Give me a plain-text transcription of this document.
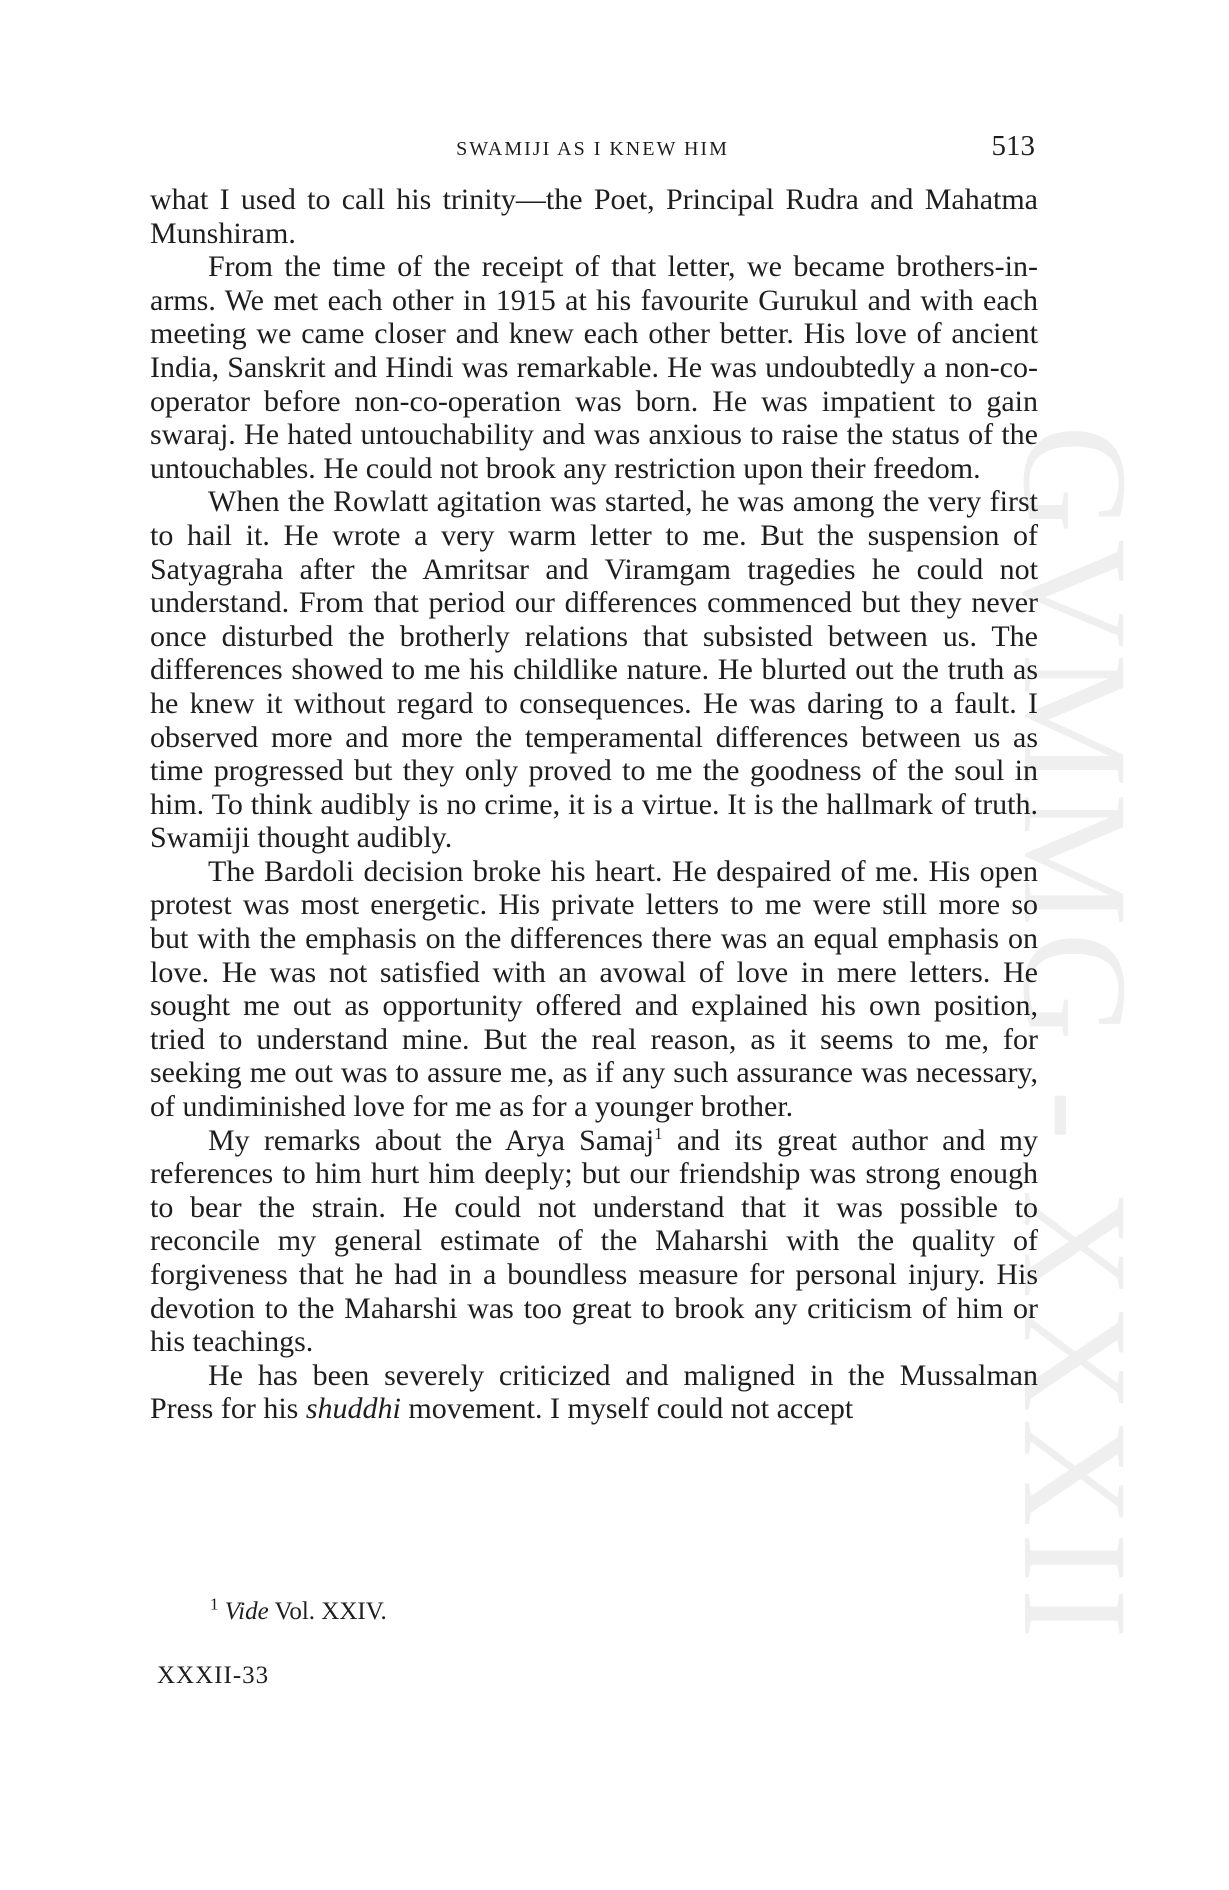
GVMMG - XXXII
SWAMIJI AS I KNEW HIM	513

what I used to call his trinity—the Poet, Principal Rudra and Mahatma Munshiram.

From the time of the receipt of that letter, we became brothers-in-arms. We met each other in 1915 at his favourite Gurukul and with each meeting we came closer and knew each other better. His love of ancient India, Sanskrit and Hindi was remarkable. He was undoubtedly a non-co-operator before non-co-operation was born. He was impatient to gain swaraj. He hated untouchability and was anxious to raise the status of the untouchables. He could not brook any restriction upon their freedom.

When the Rowlatt agitation was started, he was among the very first to hail it. He wrote a very warm letter to me. But the suspension of Satyagraha after the Amritsar and Viramgam tragedies he could not understand. From that period our differences commenced but they never once disturbed the brotherly relations that subsisted between us. The differences showed to me his childlike nature. He blurted out the truth as he knew it without regard to consequences. He was daring to a fault. I observed more and more the temperamental differences between us as time progressed but they only proved to me the goodness of the soul in him. To think audibly is no crime, it is a virtue. It is the hallmark of truth. Swamiji thought audibly.

The Bardoli decision broke his heart. He despaired of me. His open protest was most energetic. His private letters to me were still more so but with the emphasis on the differences there was an equal emphasis on love. He was not satisfied with an avowal of love in mere letters. He sought me out as opportunity offered and explained his own position, tried to understand mine. But the real reason, as it seems to me, for seeking me out was to assure me, as if any such assurance was necessary, of undiminished love for me as for a younger brother.

My remarks about the Arya Samaj$^1$ and its great author and my references to him hurt him deeply; but our friendship was strong enough to bear the strain. He could not understand that it was possible to reconcile my general estimate of the Maharshi with the quality of forgiveness that he had in a boundless measure for personal injury. His devotion to the Maharshi was too great to brook any criticism of him or his teachings.

He has been severely criticized and maligned in the Mussalman Press for his shuddhi movement. I myself could not accept

$^1$ Vide Vol. XXIV.
XXXII-33
